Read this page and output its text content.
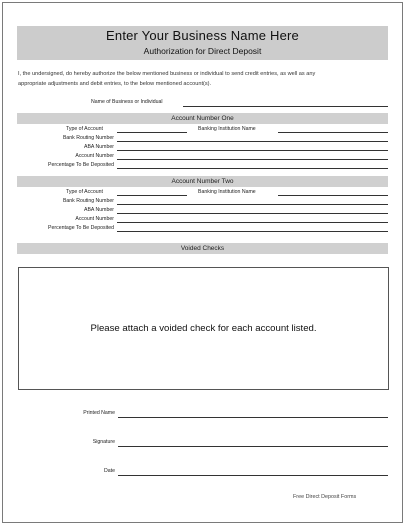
Enter Your Business Name Here
Authorization for Direct Deposit
I, the undersigned, do hereby authorize the below mentioned business or individual to send credit entries, as well as any
appropriate adjustments and debit entries, to the below mentioned account(s).
Name of Business or Individual
Account Number One
Type of Account	Banking Institution Name
Bank Routing Number
ABA Number
Account Number
Percentage To Be Deposited
Account Number Two
Type of Account	Banking Institution Name
Bank Routing Number
ABA Number
Account Number
Percentage To Be Deposited
Voided Checks
Please attach a voided check for each account listed.
Printed Name
Signature
Date
Free Direct Deposit Forms
